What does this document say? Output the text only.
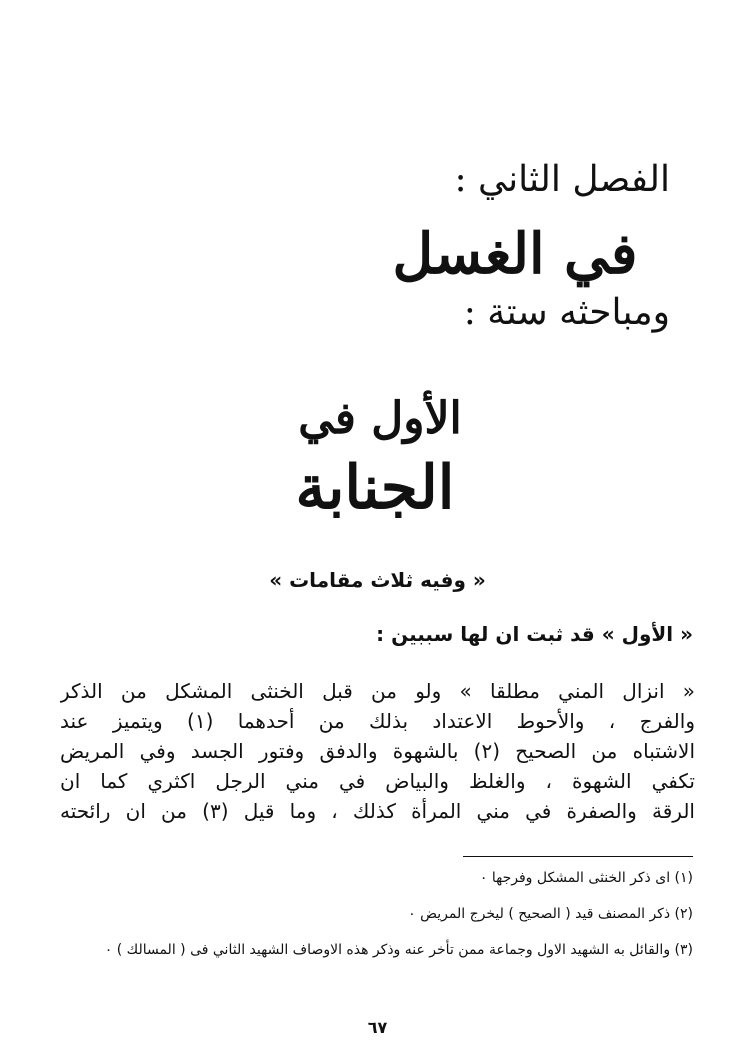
الفصل الثاني :
في الغسل
ومباحثه ستة :
الأول في
الجنابة
« وفيه ثلاث مقامات »
« الأول » قد ثبت ان لها سببين :
« انزال المني مطلقا » ولو من قبل الخنثى المشكل من الذكر
والفرج ، والأحوط الاعتداد بذلك من أحدهما (١) ويتميز عند
الاشتباه من الصحيح (٢) بالشهوة والدفق وفتور الجسد وفي المريض
تكفي الشهوة ، والغلظ والبياض في مني الرجل اكثري كما ان
الرقة والصفرة في مني المرأة كذلك ، وما قيل (٣) من ان رائحته
(١) اى ذكر الخنثى المشكل وفرجها ٠
(٢) ذكر المصنف قيد ( الصحيح ) ليخرج المريض ٠
(٣) والقائل به الشهيد الاول وجماعة ممن تأخر عنه وذكر هذه الاوصاف الشهيد الثاني فى ( المسالك ) ٠
٦٧
